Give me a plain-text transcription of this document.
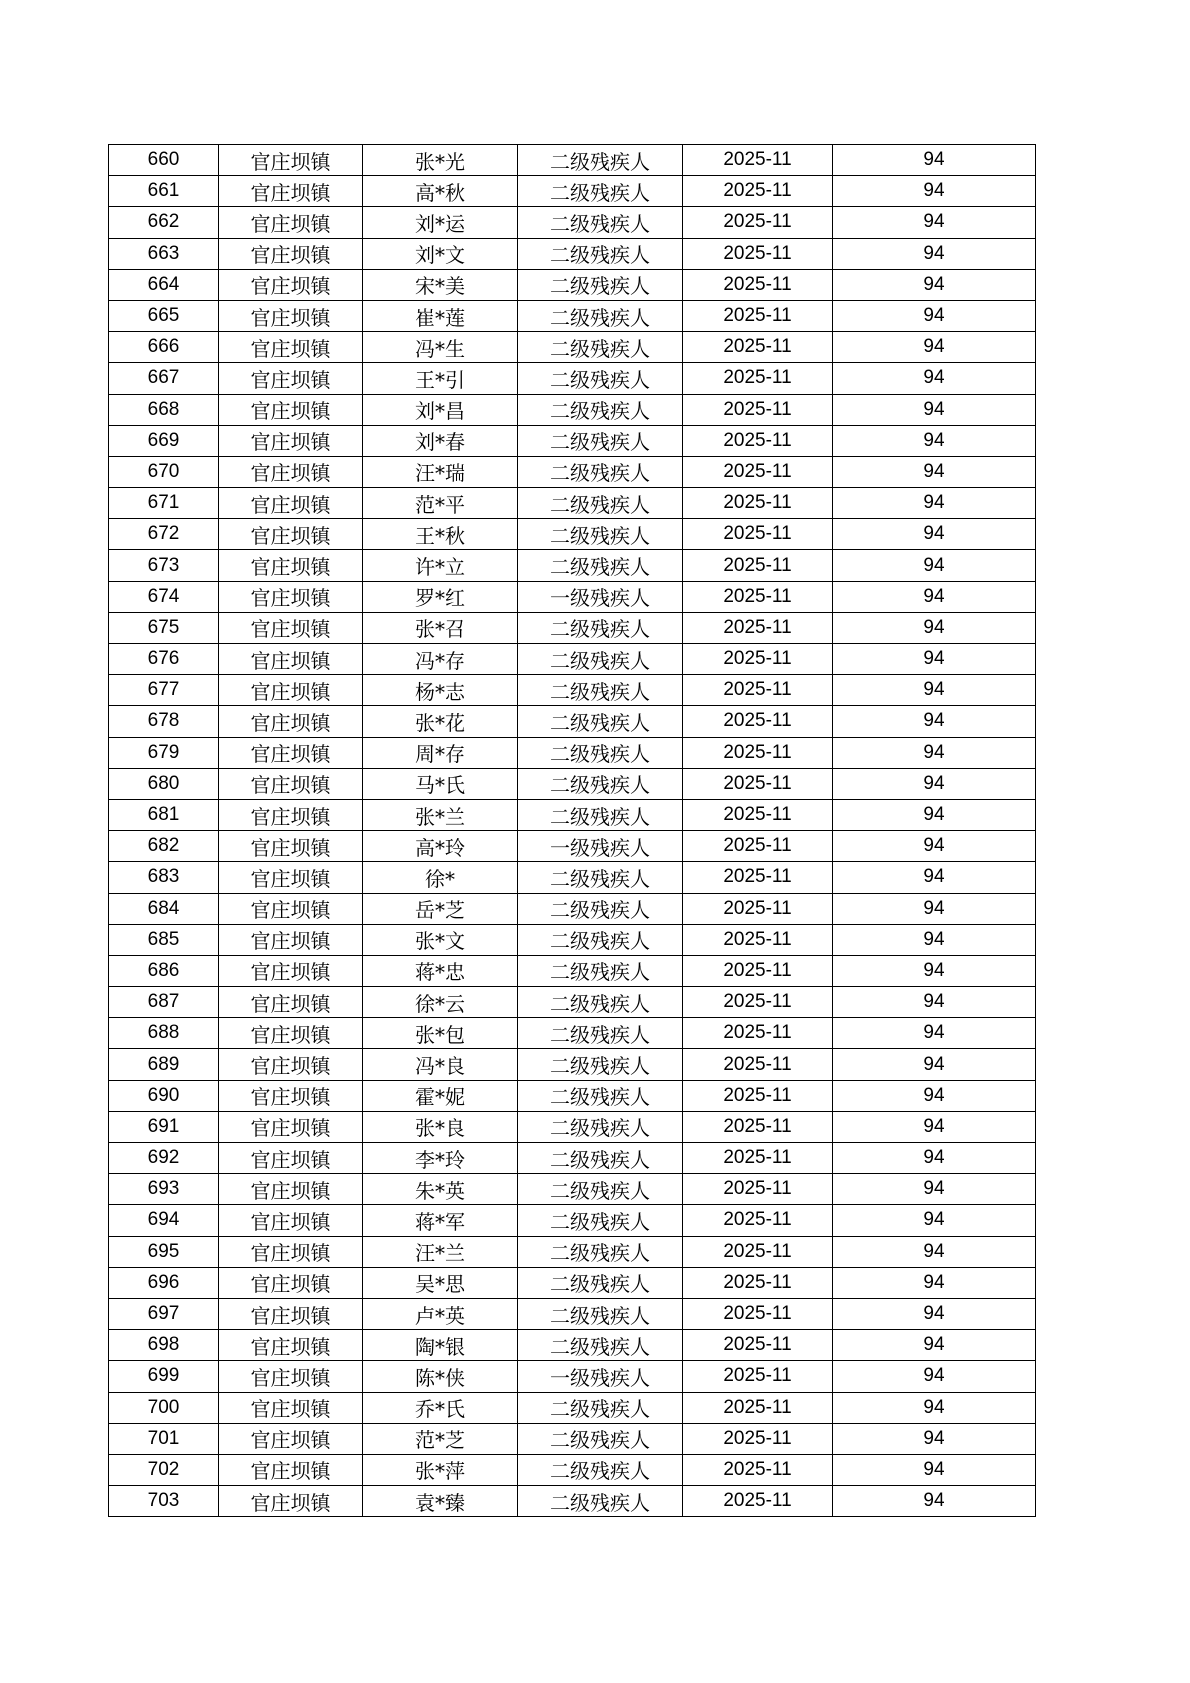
660	官庄坝镇	张*光	二级残疾人	2025-11	94
661	官庄坝镇	高*秋	二级残疾人	2025-11	94
662	官庄坝镇	刘*运	二级残疾人	2025-11	94
663	官庄坝镇	刘*文	二级残疾人	2025-11	94
664	官庄坝镇	宋*美	二级残疾人	2025-11	94
665	官庄坝镇	崔*莲	二级残疾人	2025-11	94
666	官庄坝镇	冯*生	二级残疾人	2025-11	94
667	官庄坝镇	王*引	二级残疾人	2025-11	94
668	官庄坝镇	刘*昌	二级残疾人	2025-11	94
669	官庄坝镇	刘*春	二级残疾人	2025-11	94
670	官庄坝镇	汪*瑞	二级残疾人	2025-11	94
671	官庄坝镇	范*平	二级残疾人	2025-11	94
672	官庄坝镇	王*秋	二级残疾人	2025-11	94
673	官庄坝镇	许*立	二级残疾人	2025-11	94
674	官庄坝镇	罗*红	一级残疾人	2025-11	94
675	官庄坝镇	张*召	二级残疾人	2025-11	94
676	官庄坝镇	冯*存	二级残疾人	2025-11	94
677	官庄坝镇	杨*志	二级残疾人	2025-11	94
678	官庄坝镇	张*花	二级残疾人	2025-11	94
679	官庄坝镇	周*存	二级残疾人	2025-11	94
680	官庄坝镇	马*氏	二级残疾人	2025-11	94
681	官庄坝镇	张*兰	二级残疾人	2025-11	94
682	官庄坝镇	高*玲	一级残疾人	2025-11	94
683	官庄坝镇	徐*	二级残疾人	2025-11	94
684	官庄坝镇	岳*芝	二级残疾人	2025-11	94
685	官庄坝镇	张*文	二级残疾人	2025-11	94
686	官庄坝镇	蒋*忠	二级残疾人	2025-11	94
687	官庄坝镇	徐*云	二级残疾人	2025-11	94
688	官庄坝镇	张*包	二级残疾人	2025-11	94
689	官庄坝镇	冯*良	二级残疾人	2025-11	94
690	官庄坝镇	霍*妮	二级残疾人	2025-11	94
691	官庄坝镇	张*良	二级残疾人	2025-11	94
692	官庄坝镇	李*玲	二级残疾人	2025-11	94
693	官庄坝镇	朱*英	二级残疾人	2025-11	94
694	官庄坝镇	蒋*军	二级残疾人	2025-11	94
695	官庄坝镇	汪*兰	二级残疾人	2025-11	94
696	官庄坝镇	吴*思	二级残疾人	2025-11	94
697	官庄坝镇	卢*英	二级残疾人	2025-11	94
698	官庄坝镇	陶*银	二级残疾人	2025-11	94
699	官庄坝镇	陈*侠	一级残疾人	2025-11	94
700	官庄坝镇	乔*氏	二级残疾人	2025-11	94
701	官庄坝镇	范*芝	二级残疾人	2025-11	94
702	官庄坝镇	张*萍	二级残疾人	2025-11	94
703	官庄坝镇	袁*臻	二级残疾人	2025-11	94
